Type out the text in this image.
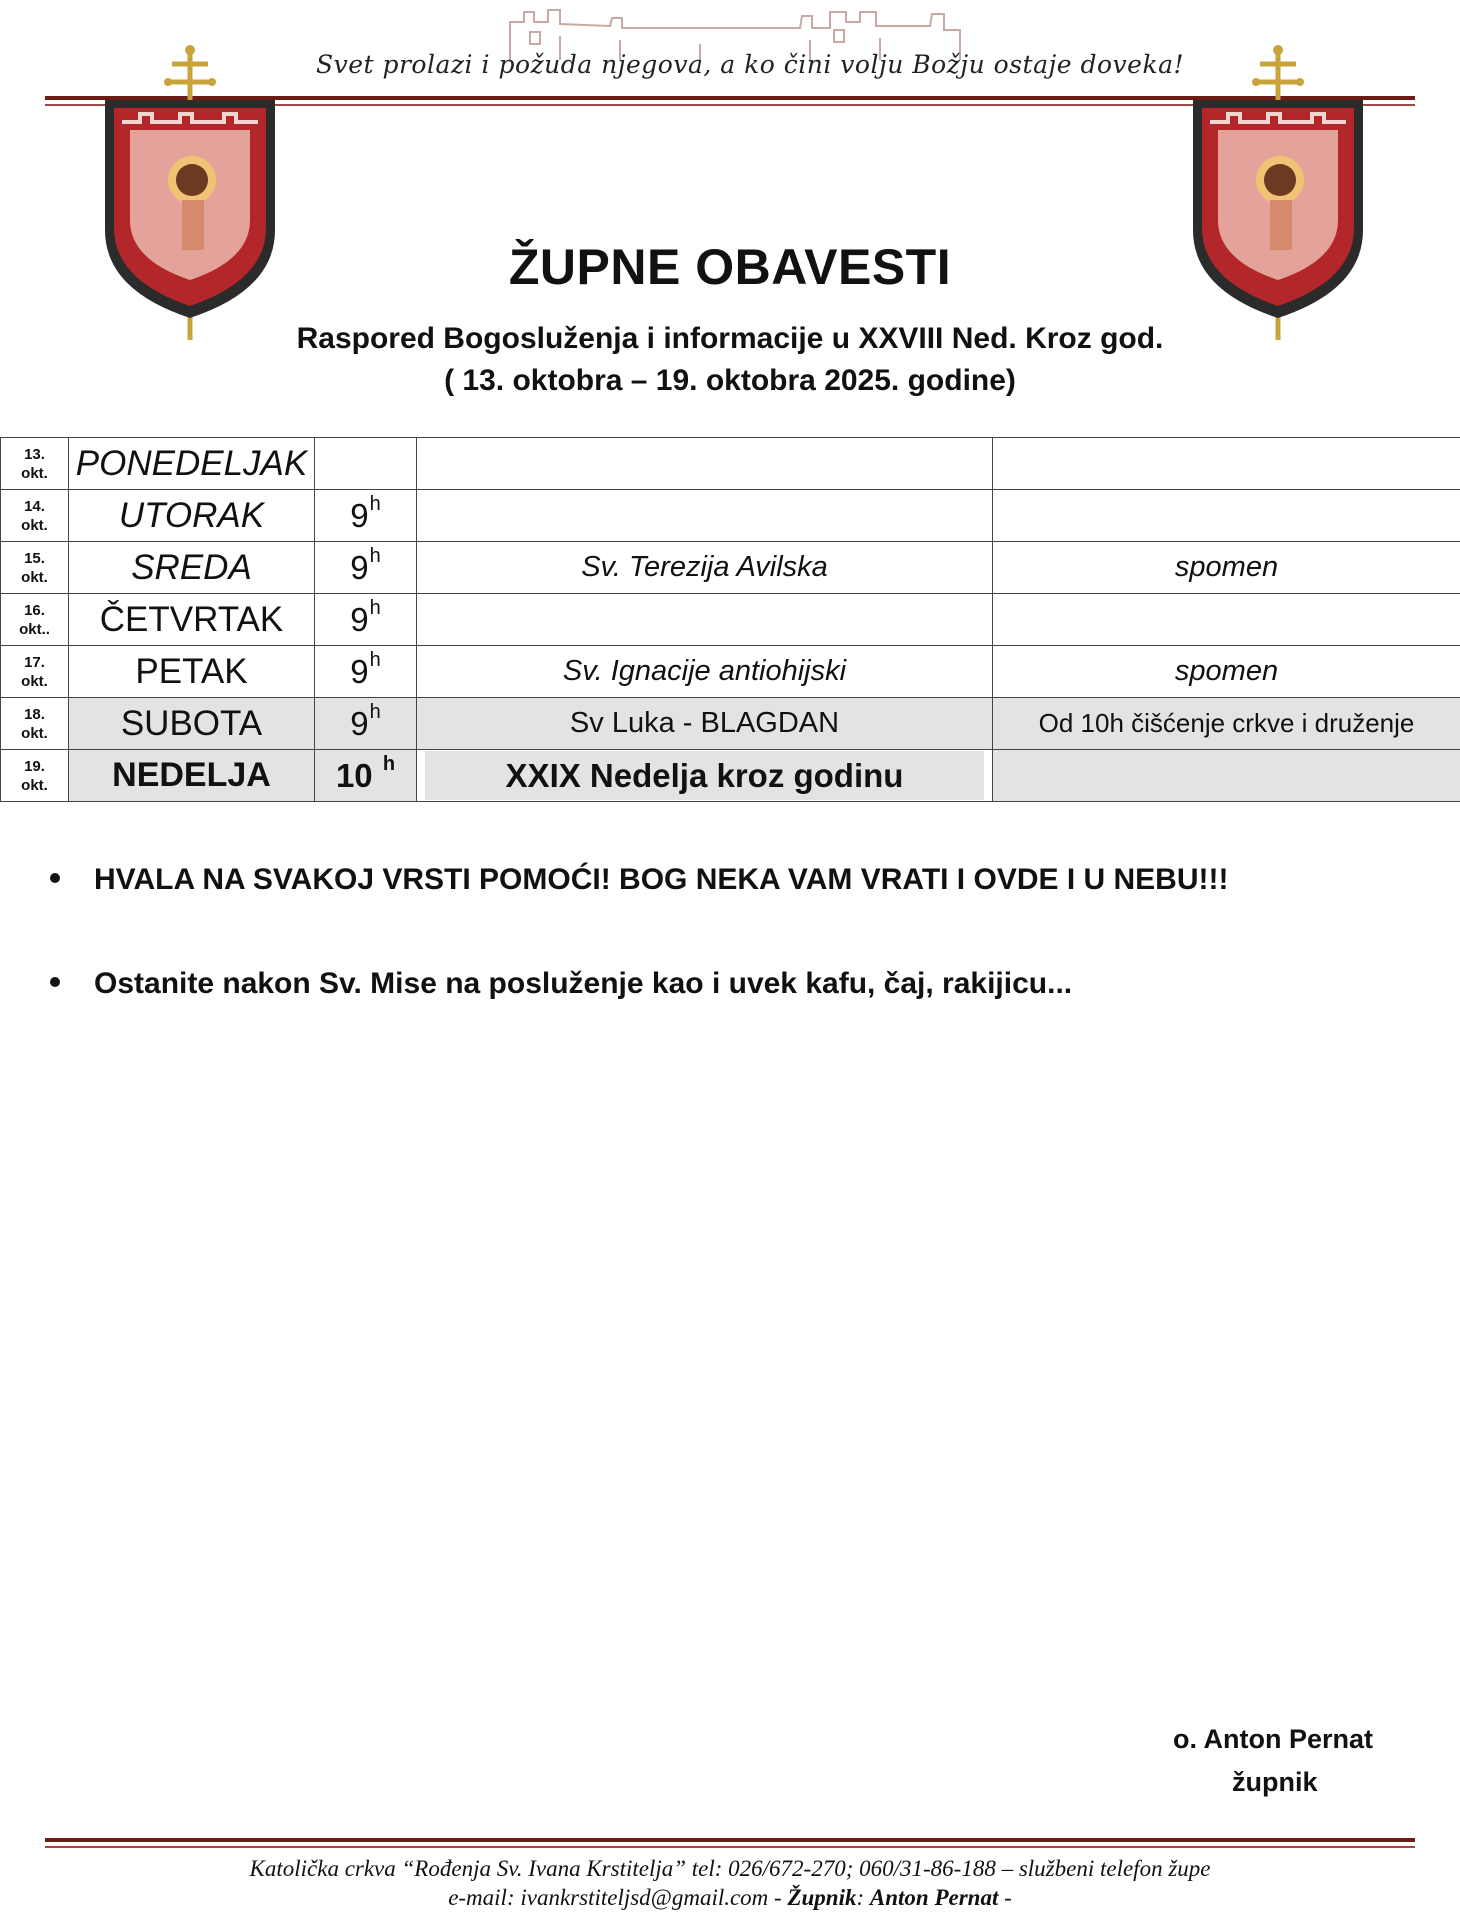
Svet prolazi i požuda njegova, a ko čini volju Božju ostaje doveka!
ŽUPNE OBAVESTI
Raspored Bogosluženja i informacije u XXVIII Ned. Kroz god.
( 13. oktobra – 19. oktobra 2025. godine)
13.
okt.	PONEDELJAK			
14.
okt.	UTORAK	9$^h$		
15.
okt.	SREDA	9$^h$	Sv. Terezija Avilska	spomen
16.
okt..	ČETVRTAK	9$^h$		
17.
okt.	PETAK	9$^h$	Sv. Ignacije antiohijski	spomen
18.
okt.	SUBOTA	9$^h$	Sv Luka - BLAGDAN	Od 10h čišćenje crkve i druženje
19.
okt.	NEDELJA	10 $^h$	XXIX Nedelja kroz godinu	

HVALA NA SVAKOJ VRSTI POMOĆI! BOG NEKA VAM VRATI I OVDE I U NEBU!!!
Ostanite nakon Sv. Mise na posluženje kao i uvek kafu, čaj, rakijicu...
o. Anton Pernat
župnik
Katolička crkva “Rođenja Sv. Ivana Krstitelja” tel: 026/672-270; 060/31-86-188 – službeni telefon župe
e-mail: ivankrstiteljsd@gmail.com - Župnik: Anton Pernat -
